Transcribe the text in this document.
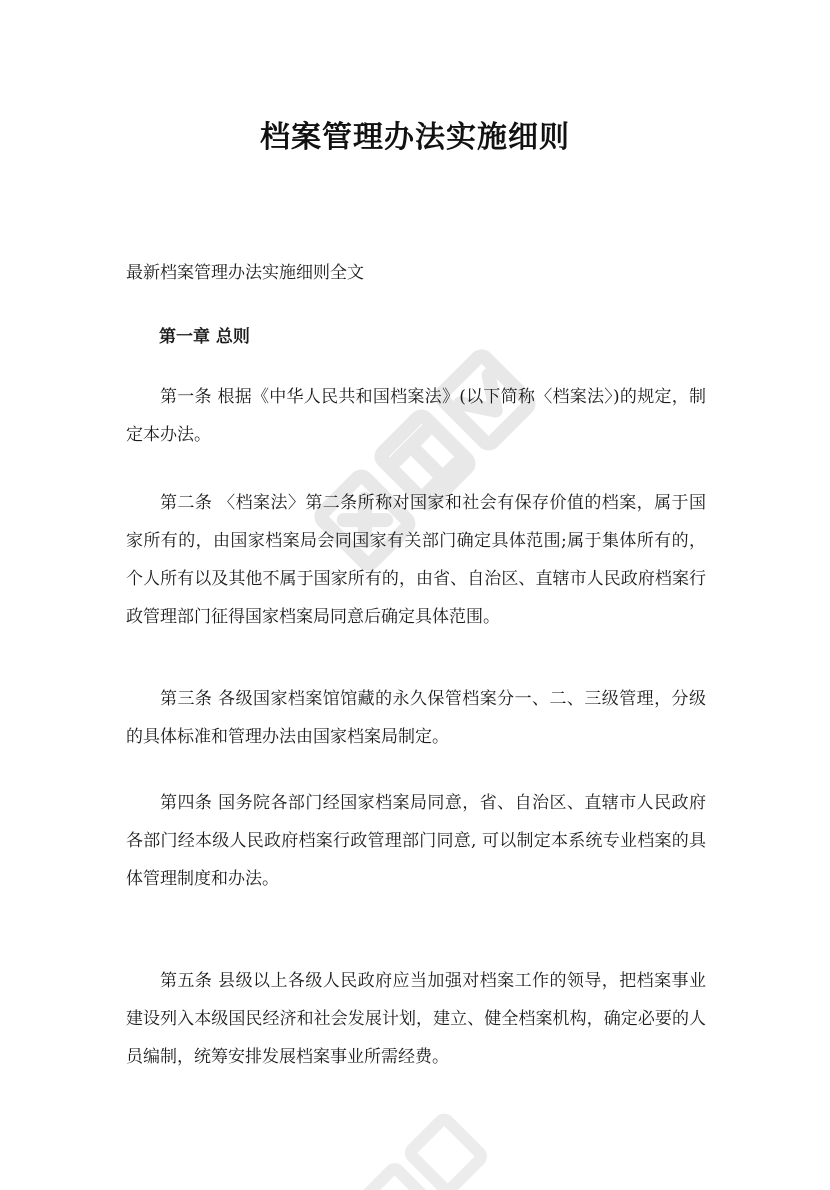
档案管理办法实施细则
最新档案管理办法实施细则全文
第一章 总则

第一条 根据《中华人民共和国档案法》(以下简称〈档案法〉)的规定，制定本办法。

第二条 〈档案法〉第二条所称对国家和社会有保存价值的档案，属于国家所有的，由国家档案局会同国家有关部门确定具体范围;属于集体所有的，个人所有以及其他不属于国家所有的，由省、自治区、直辖市人民政府档案行政管理部门征得国家档案局同意后确定具体范围。

第三条 各级国家档案馆馆藏的永久保管档案分一、二、三级管理，分级的具体标准和管理办法由国家档案局制定。

第四条 国务院各部门经国家档案局同意，省、自治区、直辖市人民政府各部门经本级人民政府档案行政管理部门同意, 可以制定本系统专业档案的具体管理制度和办法。

第五条 县级以上各级人民政府应当加强对档案工作的领导，把档案事业建设列入本级国民经济和社会发展计划，建立、健全档案机构，确定必要的人员编制，统筹安排发展档案事业所需经费。
